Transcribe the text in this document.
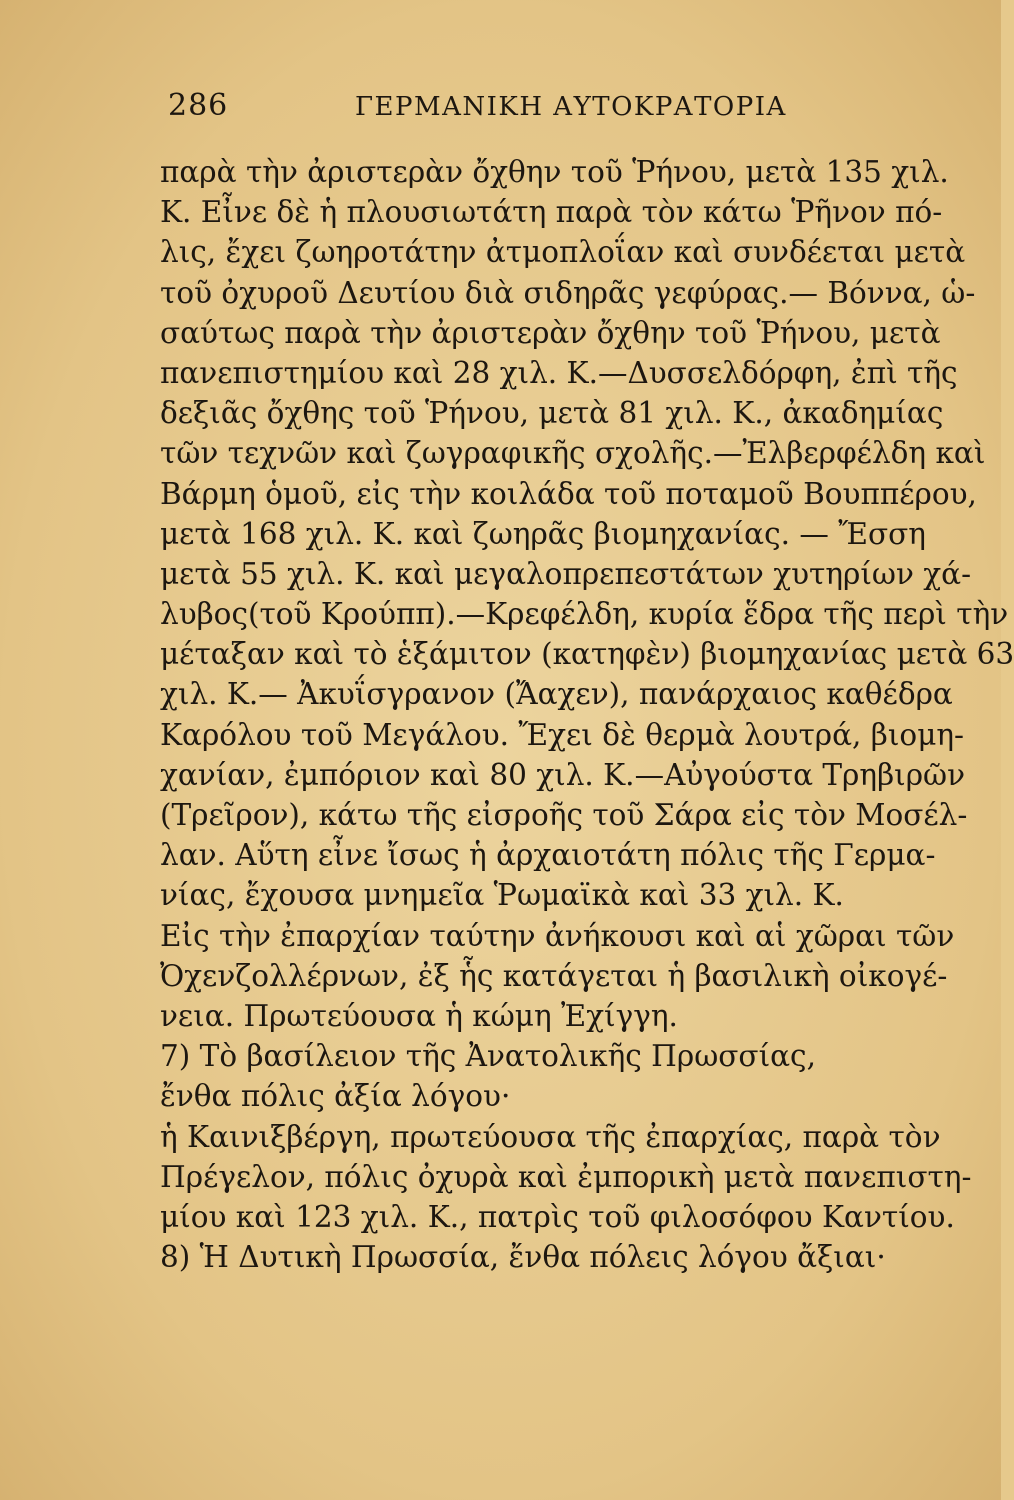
286	ΓΕΡΜΑΝΙΚΗ ΑΥΤΟΚΡΑΤΟΡΙΑ
παρὰ τὴν ἀριστερὰν ὄχθην τοῦ Ῥήνου, μετὰ 135 χιλ.
Κ. Εἶνε δὲ ἡ πλουσιωτάτη παρὰ τὸν κάτω Ῥῆνον πό-
λις, ἔχει ζωηροτάτην ἀτμοπλοΐαν καὶ συνδέεται μετὰ
τοῦ ὀχυροῦ Δευτίου διὰ σιδηρᾶς γεφύρας.— Βόννα, ὡ-
σαύτως παρὰ τὴν ἀριστερὰν ὄχθην τοῦ Ῥήνου, μετὰ
πανεπιστημίου καὶ 28 χιλ. Κ.—Δυσσελδόρφη, ἐπὶ τῆς
δεξιᾶς ὄχθης τοῦ Ῥήνου, μετὰ 81 χιλ. Κ., ἀκαδημίας
τῶν τεχνῶν καὶ ζωγραφικῆς σχολῆς.—Ἐλβερφέλδη καὶ
Βάρμη ὁμοῦ, εἰς τὴν κοιλάδα τοῦ ποταμοῦ Βουππέρου,
μετὰ 168 χιλ. Κ. καὶ ζωηρᾶς βιομηχανίας. — Ἔσση
μετὰ 55 χιλ. Κ. καὶ μεγαλοπρεπεστάτων χυτηρίων χά-
λυβος(τοῦ Κρούππ).—Κρεφέλδη, κυρία ἕδρα τῆς περὶ τὴν
μέταξαν καὶ τὸ ἑξάμιτον (κατηφὲν) βιομηχανίας μετὰ 63
χιλ. Κ.— Ἀκυΐσγρανον (Ἄαχεν), πανάρχαιος καθέδρα
Καρόλου τοῦ Μεγάλου. Ἔχει δὲ θερμὰ λουτρά, βιομη-
χανίαν, ἐμπόριον καὶ 80 χιλ. Κ.—Αὐγούστα Τρηβιρῶν
(Τρεῖρον), κάτω τῆς εἰσροῆς τοῦ Σάρα εἰς τὸν Μοσέλ-
λαν. Αὕτη εἶνε ἴσως ἡ ἀρχαιοτάτη πόλις τῆς Γερμα-
νίας, ἔχουσα μνημεῖα Ῥωμαϊκὰ καὶ 33 χιλ. Κ.
Εἰς τὴν ἐπαρχίαν ταύτην ἀνήκουσι καὶ αἱ χῶραι τῶν
Ὀχενζολλέρνων, ἐξ ἧς κατάγεται ἡ βασιλικὴ οἰκογέ-
νεια. Πρωτεύουσα ἡ κώμη Ἐχίγγη.
7) Τὸ βασίλειον τῆς Ἀνατολικῆς Πρωσσίας,
ἔνθα πόλις ἀξία λόγου·
ἡ Καινιξβέργη, πρωτεύουσα τῆς ἐπαρχίας, παρὰ τὸν
Πρέγελον, πόλις ὀχυρὰ καὶ ἐμπορικὴ μετὰ πανεπιστη-
μίου καὶ 123 χιλ. Κ., πατρὶς τοῦ φιλοσόφου Καντίου.
8) Ἡ Δυτικὴ Πρωσσία, ἔνθα πόλεις λόγου ἄξιαι·
